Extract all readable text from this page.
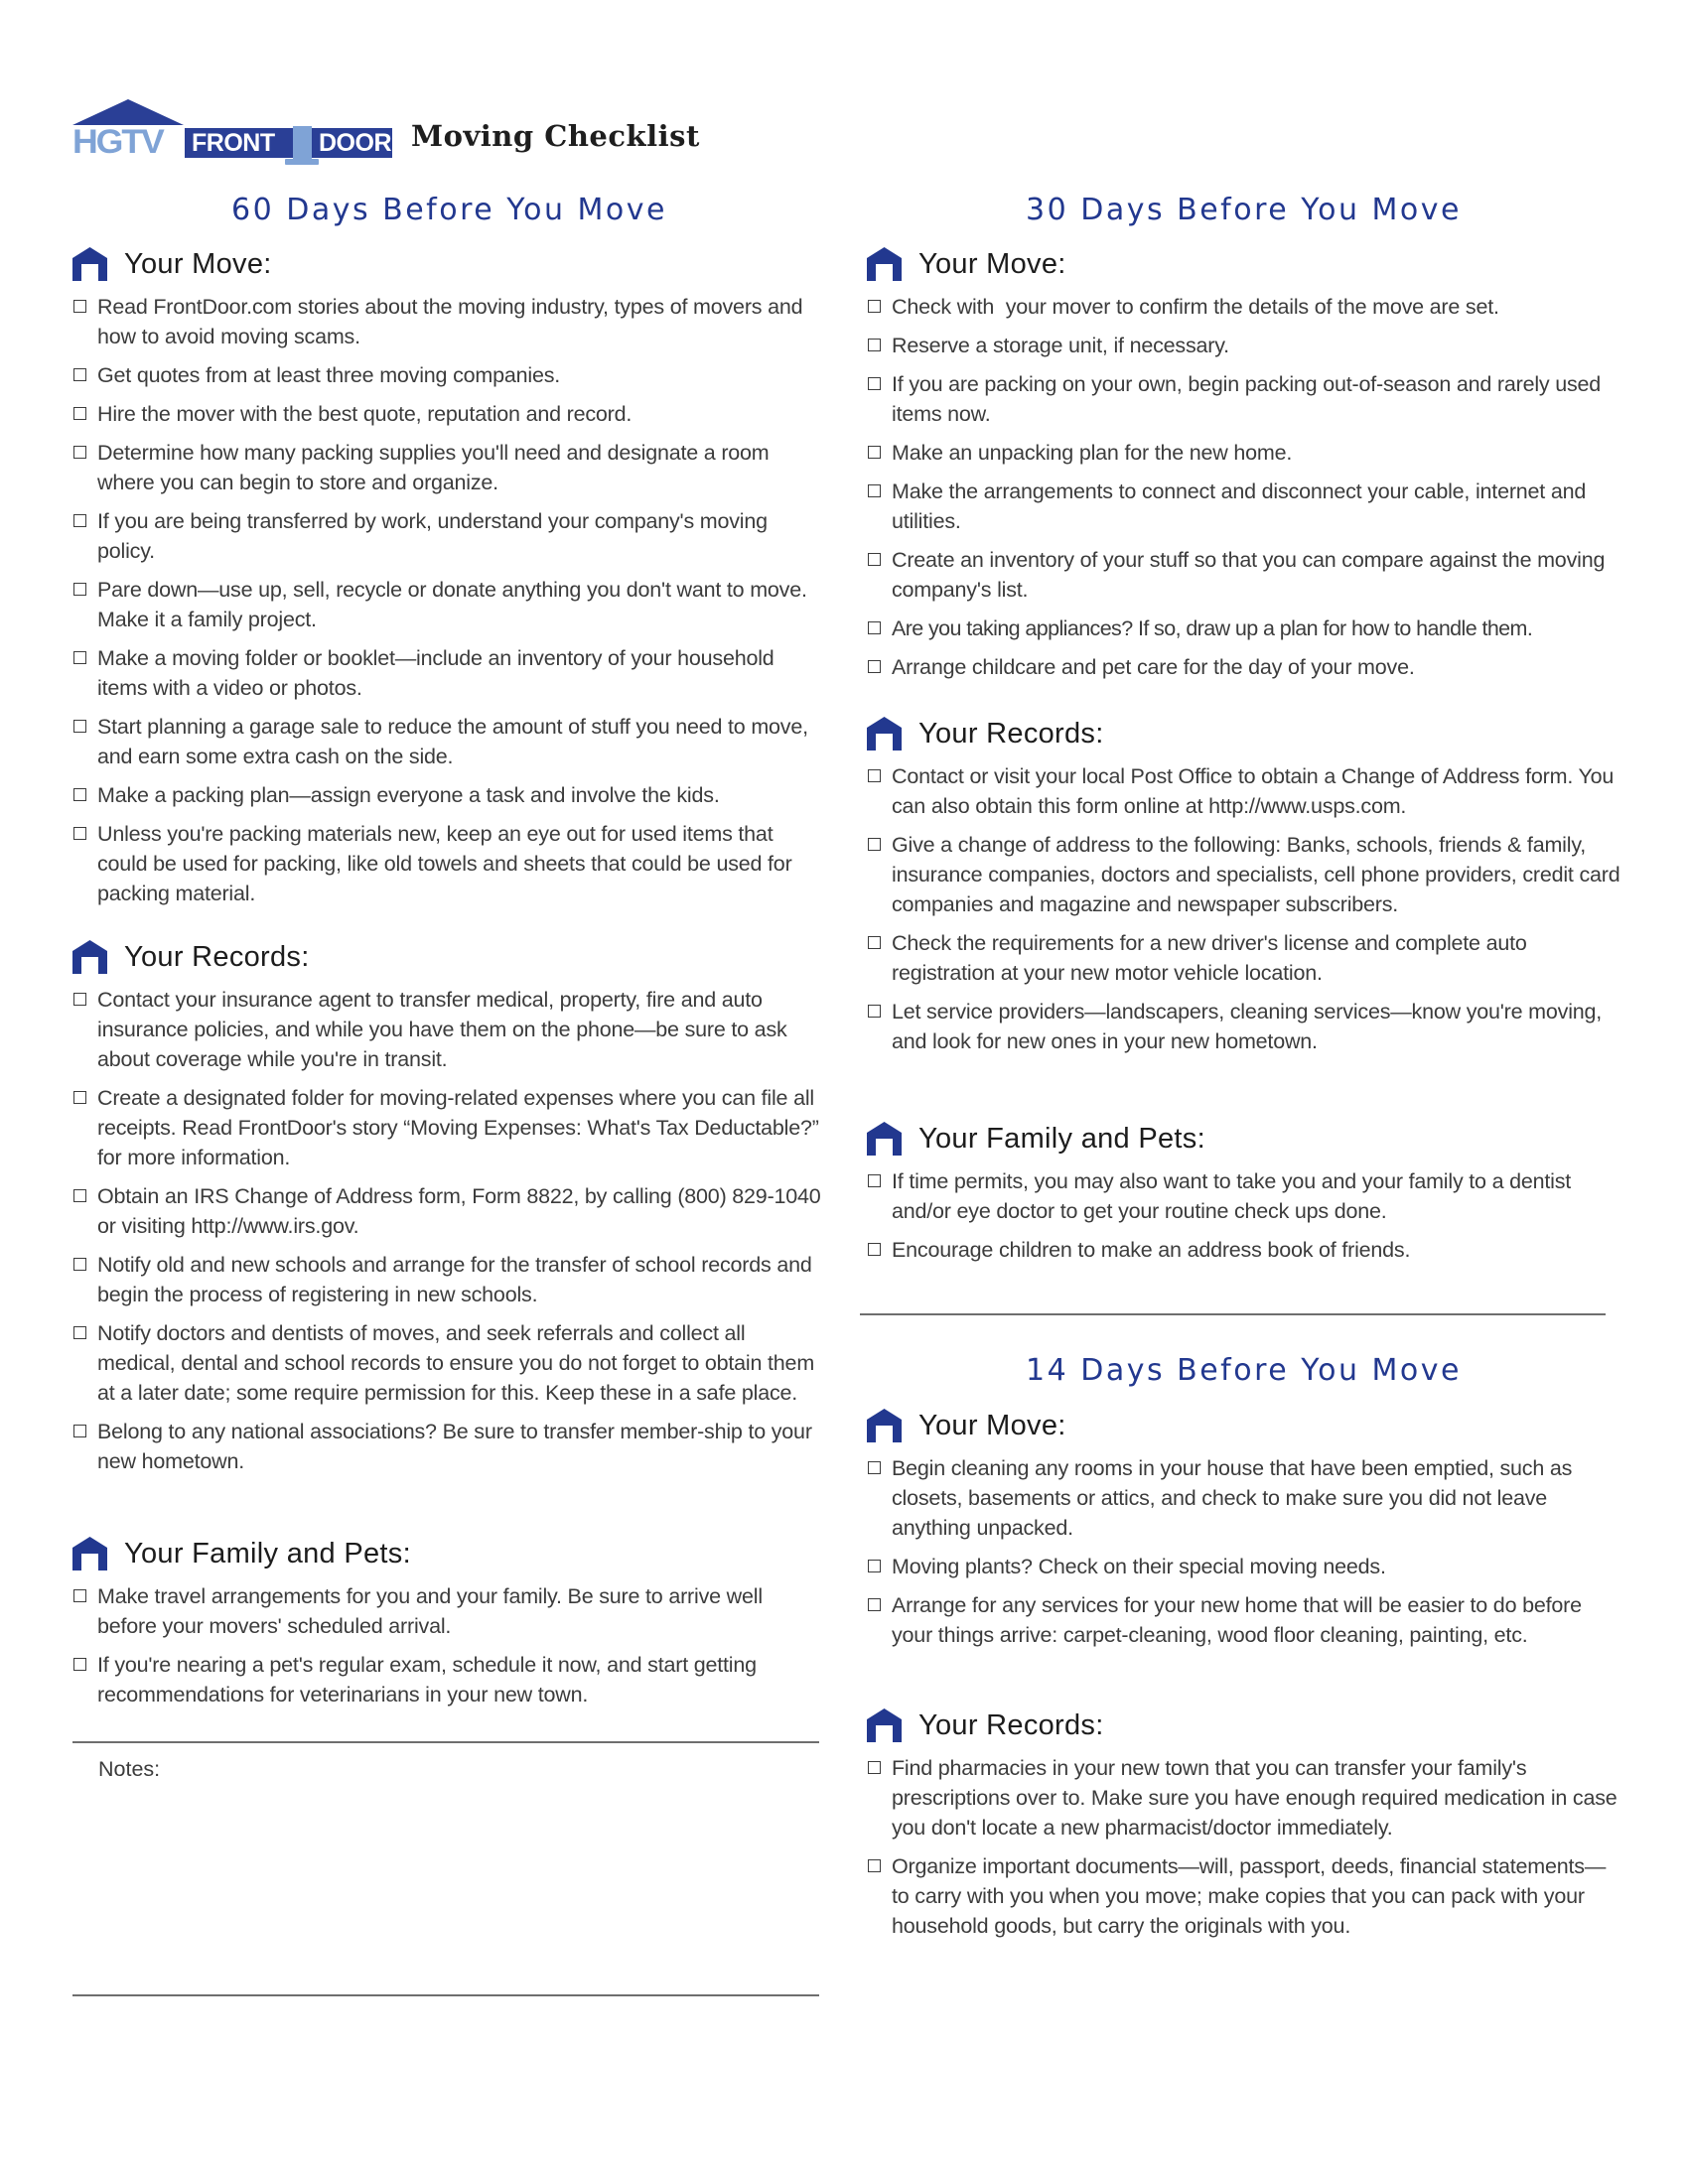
HGTV FRONT DOOR Moving Checklist
60 Days Before You Move
Your Move:
Read FrontDoor.com stories about the moving industry, types of movers and how to avoid moving scams.
Get quotes from at least three moving companies.
Hire the mover with the best quote, reputation and record.
Determine how many packing supplies you'll need and designate a room where you can begin to store and organize.
If you are being transferred by work, understand your company's moving policy.
Pare down—use up, sell, recycle or donate anything you don't want to move. Make it a family project.
Make a moving folder or booklet—include an inventory of your household items with a video or photos.
Start planning a garage sale to reduce the amount of stuff you need to move, and earn some extra cash on the side.
Make a packing plan—assign everyone a task and involve the kids.
Unless you're packing materials new, keep an eye out for used items that could be used for packing, like old towels and sheets that could be used for packing material.
Your Records:
Contact your insurance agent to transfer medical, property, fire and auto insurance policies, and while you have them on the phone—be sure to ask about coverage while you're in transit.
Create a designated folder for moving-related expenses where you can file all receipts. Read FrontDoor's story “Moving Expenses: What's Tax Deductable?” for more information.
Obtain an IRS Change of Address form, Form 8822, by calling (800) 829-1040 or visiting http://www.irs.gov.
Notify old and new schools and arrange for the transfer of school records and begin the process of registering in new schools.
Notify doctors and dentists of moves, and seek referrals and collect all medical, dental and school records to ensure you do not forget to obtain them at a later date; some require permission for this. Keep these in a safe place.
Belong to any national associations? Be sure to transfer member-ship to your new hometown.
Your Family and Pets:
Make travel arrangements for you and your family. Be sure to arrive well before your movers' scheduled arrival.
If you're nearing a pet's regular exam, schedule it now, and start getting recommendations for veterinarians in your new town.
Notes:
30 Days Before You Move
Your Move:
Check with  your mover to confirm the details of the move are set.
Reserve a storage unit, if necessary.
If you are packing on your own, begin packing out-of-season and rarely used items now.
Make an unpacking plan for the new home.
Make the arrangements to connect and disconnect your cable, internet and utilities.
Create an inventory of your stuff so that you can compare against the moving company's list.
Are you taking appliances? If so, draw up a plan for how to handle them.
Arrange childcare and pet care for the day of your move.
Your Records:
Contact or visit your local Post Office to obtain a Change of Address form. You can also obtain this form online at http://www.usps.com.
Give a change of address to the following: Banks, schools, friends & family, insurance companies, doctors and specialists, cell phone providers, credit card companies and magazine and newspaper subscribers.
Check the requirements for a new driver's license and complete auto registration at your new motor vehicle location.
Let service providers—landscapers, cleaning services—know you're moving, and look for new ones in your new hometown.
Your Family and Pets:
If time permits, you may also want to take you and your family to a dentist and/or eye doctor to get your routine check ups done.
Encourage children to make an address book of friends.
14 Days Before You Move
Your Move:
Begin cleaning any rooms in your house that have been emptied, such as closets, basements or attics, and check to make sure you did not leave anything unpacked.
Moving plants? Check on their special moving needs.
Arrange for any services for your new home that will be easier to do before your things arrive: carpet-cleaning, wood floor cleaning, painting, etc.
Your Records:
Find pharmacies in your new town that you can transfer your family's prescriptions over to. Make sure you have enough required medication in case you don't locate a new pharmacist/doctor immediately.
Organize important documents—will, passport, deeds, financial statements—to carry with you when you move; make copies that you can pack with your household goods, but carry the originals with you.
